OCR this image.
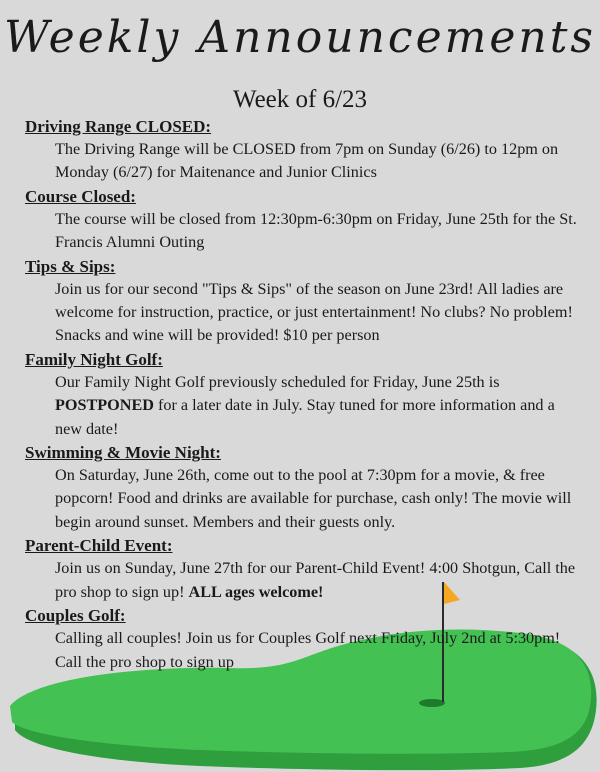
Weekly Announcements
Week of 6/23

Driving Range CLOSED:

The Driving Range will be CLOSED from 7pm on Sunday (6/26) to 12pm on Monday (6/27) for Maitenance and Junior Clinics

Course Closed:

The course will be closed from 12:30pm-6:30pm on Friday, June 25th for the St. Francis Alumni Outing

Tips & Sips:

Join us for our second "Tips & Sips" of the season on June 23rd! All ladies are welcome for instruction, practice, or just entertainment! No clubs? No problem! Snacks and wine will be provided! $10 per person

Family Night Golf:

Our Family Night Golf previously scheduled for Friday, June 25th is POSTPONED for a later date in July. Stay tuned for more information and a new date!

Swimming & Movie Night:

On Saturday, June 26th, come out to the pool at 7:30pm for a movie, & free popcorn! Food and drinks are available for purchase, cash only! The movie will begin around sunset. Members and their guests only.

Parent-Child Event:

Join us on Sunday, June 27th for our Parent-Child Event! 4:00 Shotgun, Call the pro shop to sign up! ALL ages welcome!

Couples Golf:

Calling all couples! Join us for Couples Golf next Friday, July 2nd at 5:30pm! Call the pro shop to sign up
